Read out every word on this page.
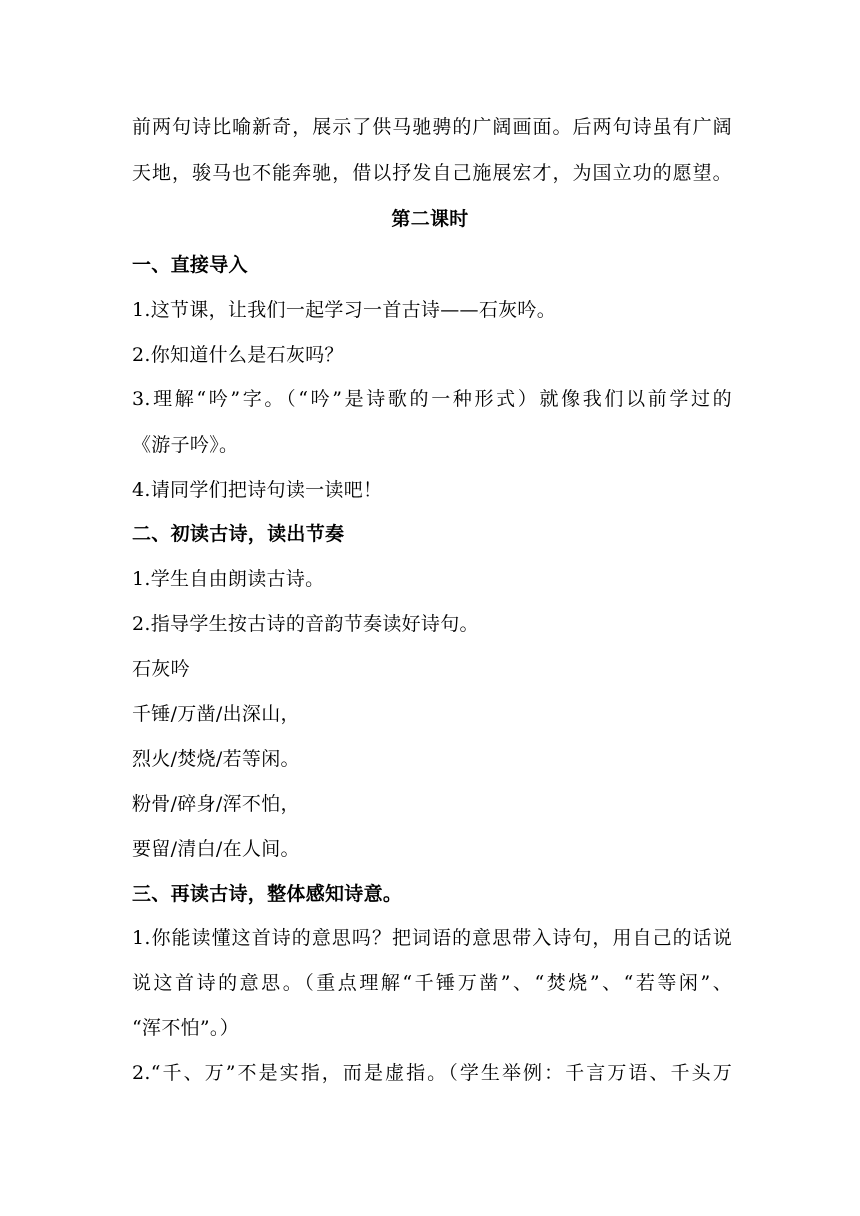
前两句诗比喻新奇，展示了供马驰骋的广阔画面。后两句诗虽有广阔
天地，骏马也不能奔驰，借以抒发自己施展宏才，为国立功的愿望。
第二课时
一、直接导入
1.这节课，让我们一起学习一首古诗——石灰吟。
2.你知道什么是石灰吗？
3.理解“吟”字。（“吟”是诗歌的一种形式）就像我们以前学过的
《游子吟》。
4.请同学们把诗句读一读吧！
二、初读古诗，读出节奏
1.学生自由朗读古诗。
2.指导学生按古诗的音韵节奏读好诗句。
石灰吟
千锤/万凿/出深山，
烈火/焚烧/若等闲。
粉骨/碎身/浑不怕，
要留/清白/在人间。
三、再读古诗，整体感知诗意。
1.你能读懂这首诗的意思吗？把词语的意思带入诗句，用自己的话说
说这首诗的意思。（重点理解“千锤万凿”、“焚烧”、“若等闲”、
“浑不怕”。）
2.“千、万”不是实指，而是虚指。（学生举例：千言万语、千头万
